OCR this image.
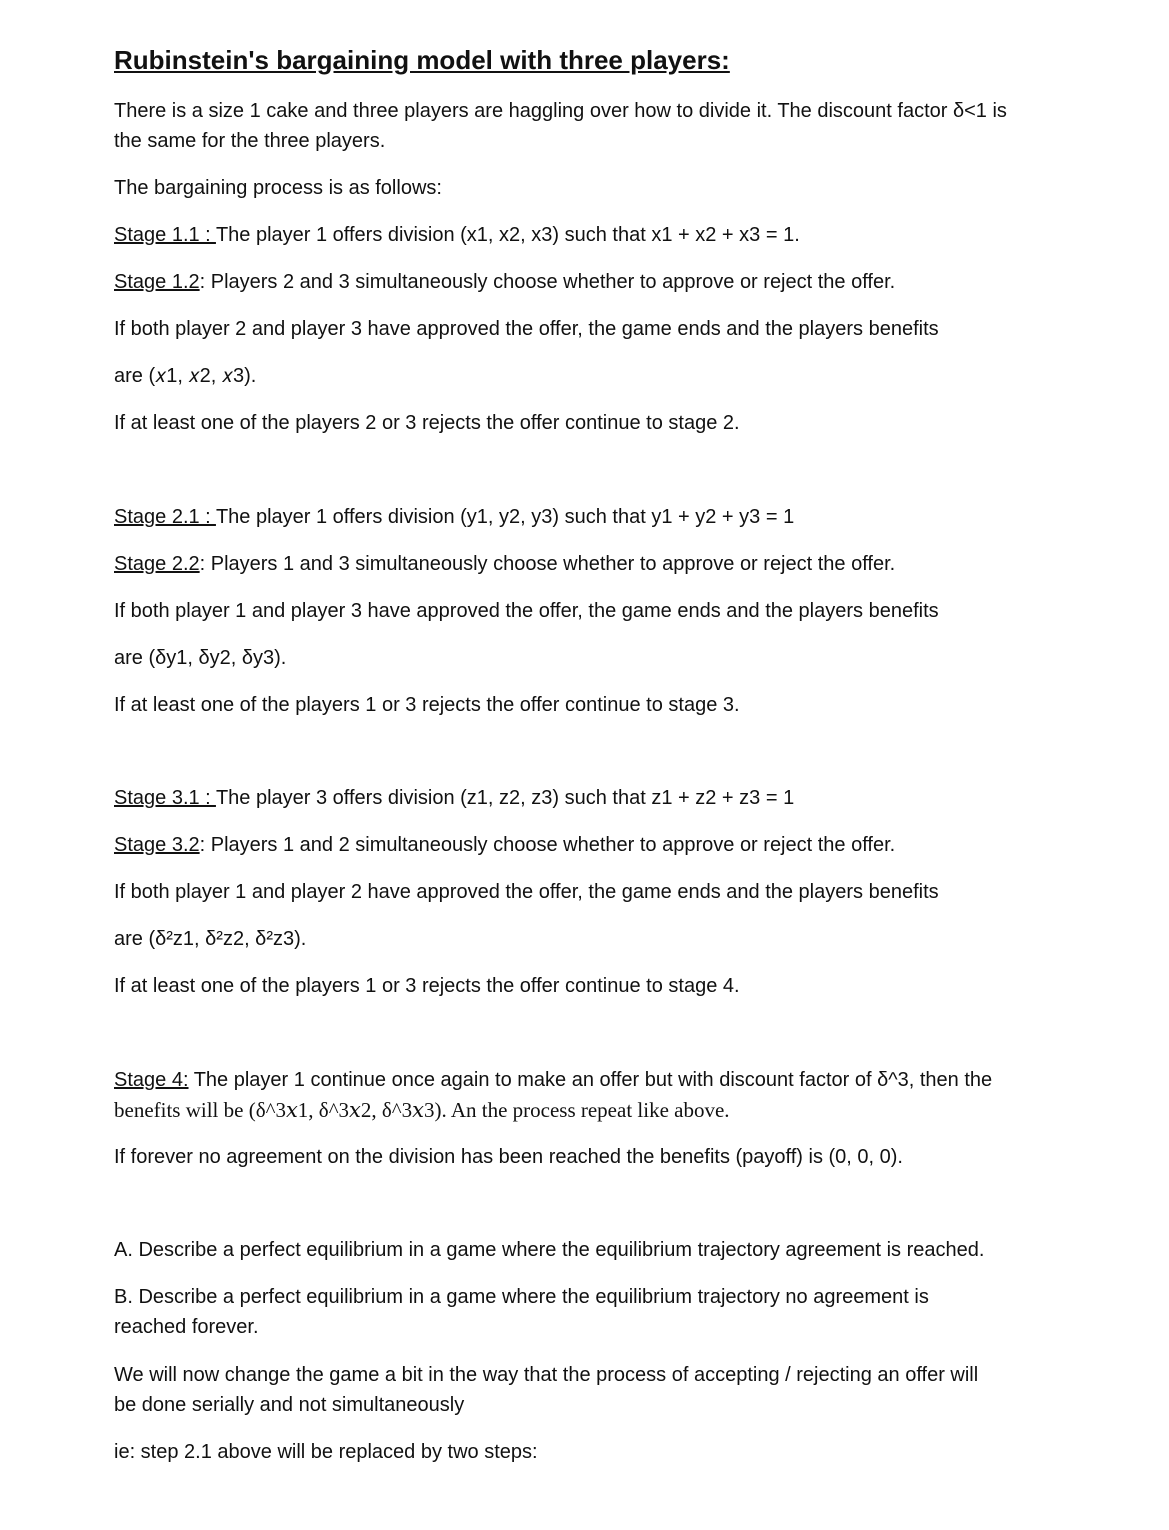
Rubinstein's bargaining model with three players:
There is a size 1 cake and three players are haggling over how to divide it. The discount factor δ<1 is
the same for the three players.
The bargaining process is as follows:
Stage 1.1 : The player 1 offers division (x1, x2, x3) such that x1 + x2 + x3 = 1.
Stage 1.2: Players 2 and 3 simultaneously choose whether to approve or reject the offer.
If both player 2 and player 3 have approved the offer, the game ends and the players benefits
are (𝑥1, 𝑥2, 𝑥3).
If at least one of the players 2 or 3 rejects the offer continue to stage 2.
Stage 2.1 : The player 1 offers division (y1, y2, y3) such that y1 + y2 + y3 = 1
Stage 2.2: Players 1 and 3 simultaneously choose whether to approve or reject the offer.
If both player 1 and player 3 have approved the offer, the game ends and the players benefits
are (δy1, δy2, δy3).
If at least one of the players 1 or 3 rejects the offer continue to stage 3.
Stage 3.1 : The player 3 offers division (z1, z2, z3) such that z1 + z2 + z3 = 1
Stage 3.2: Players 1 and 2 simultaneously choose whether to approve or reject the offer.
If both player 1 and player 2 have approved the offer, the game ends and the players benefits
are (δ²z1, δ²z2, δ²z3).
If at least one of the players 1 or 3 rejects the offer continue to stage 4.
Stage 4: The player 1 continue once again to make an offer but with discount factor of δ^3, then the
benefits will be (δ^3𝑥1, δ^3𝑥2, δ^3𝑥3). An the process repeat like above.
If forever no agreement on the division has been reached the benefits (payoff) is (0, 0, 0).
A. Describe a perfect equilibrium in a game where the equilibrium trajectory agreement is reached.
B. Describe a perfect equilibrium in a game where the equilibrium trajectory no agreement is
reached forever.
We will now change the game a bit in the way that the process of accepting / rejecting an offer will
be done serially and not simultaneously
ie: step 2.1 above will be replaced by two steps:
